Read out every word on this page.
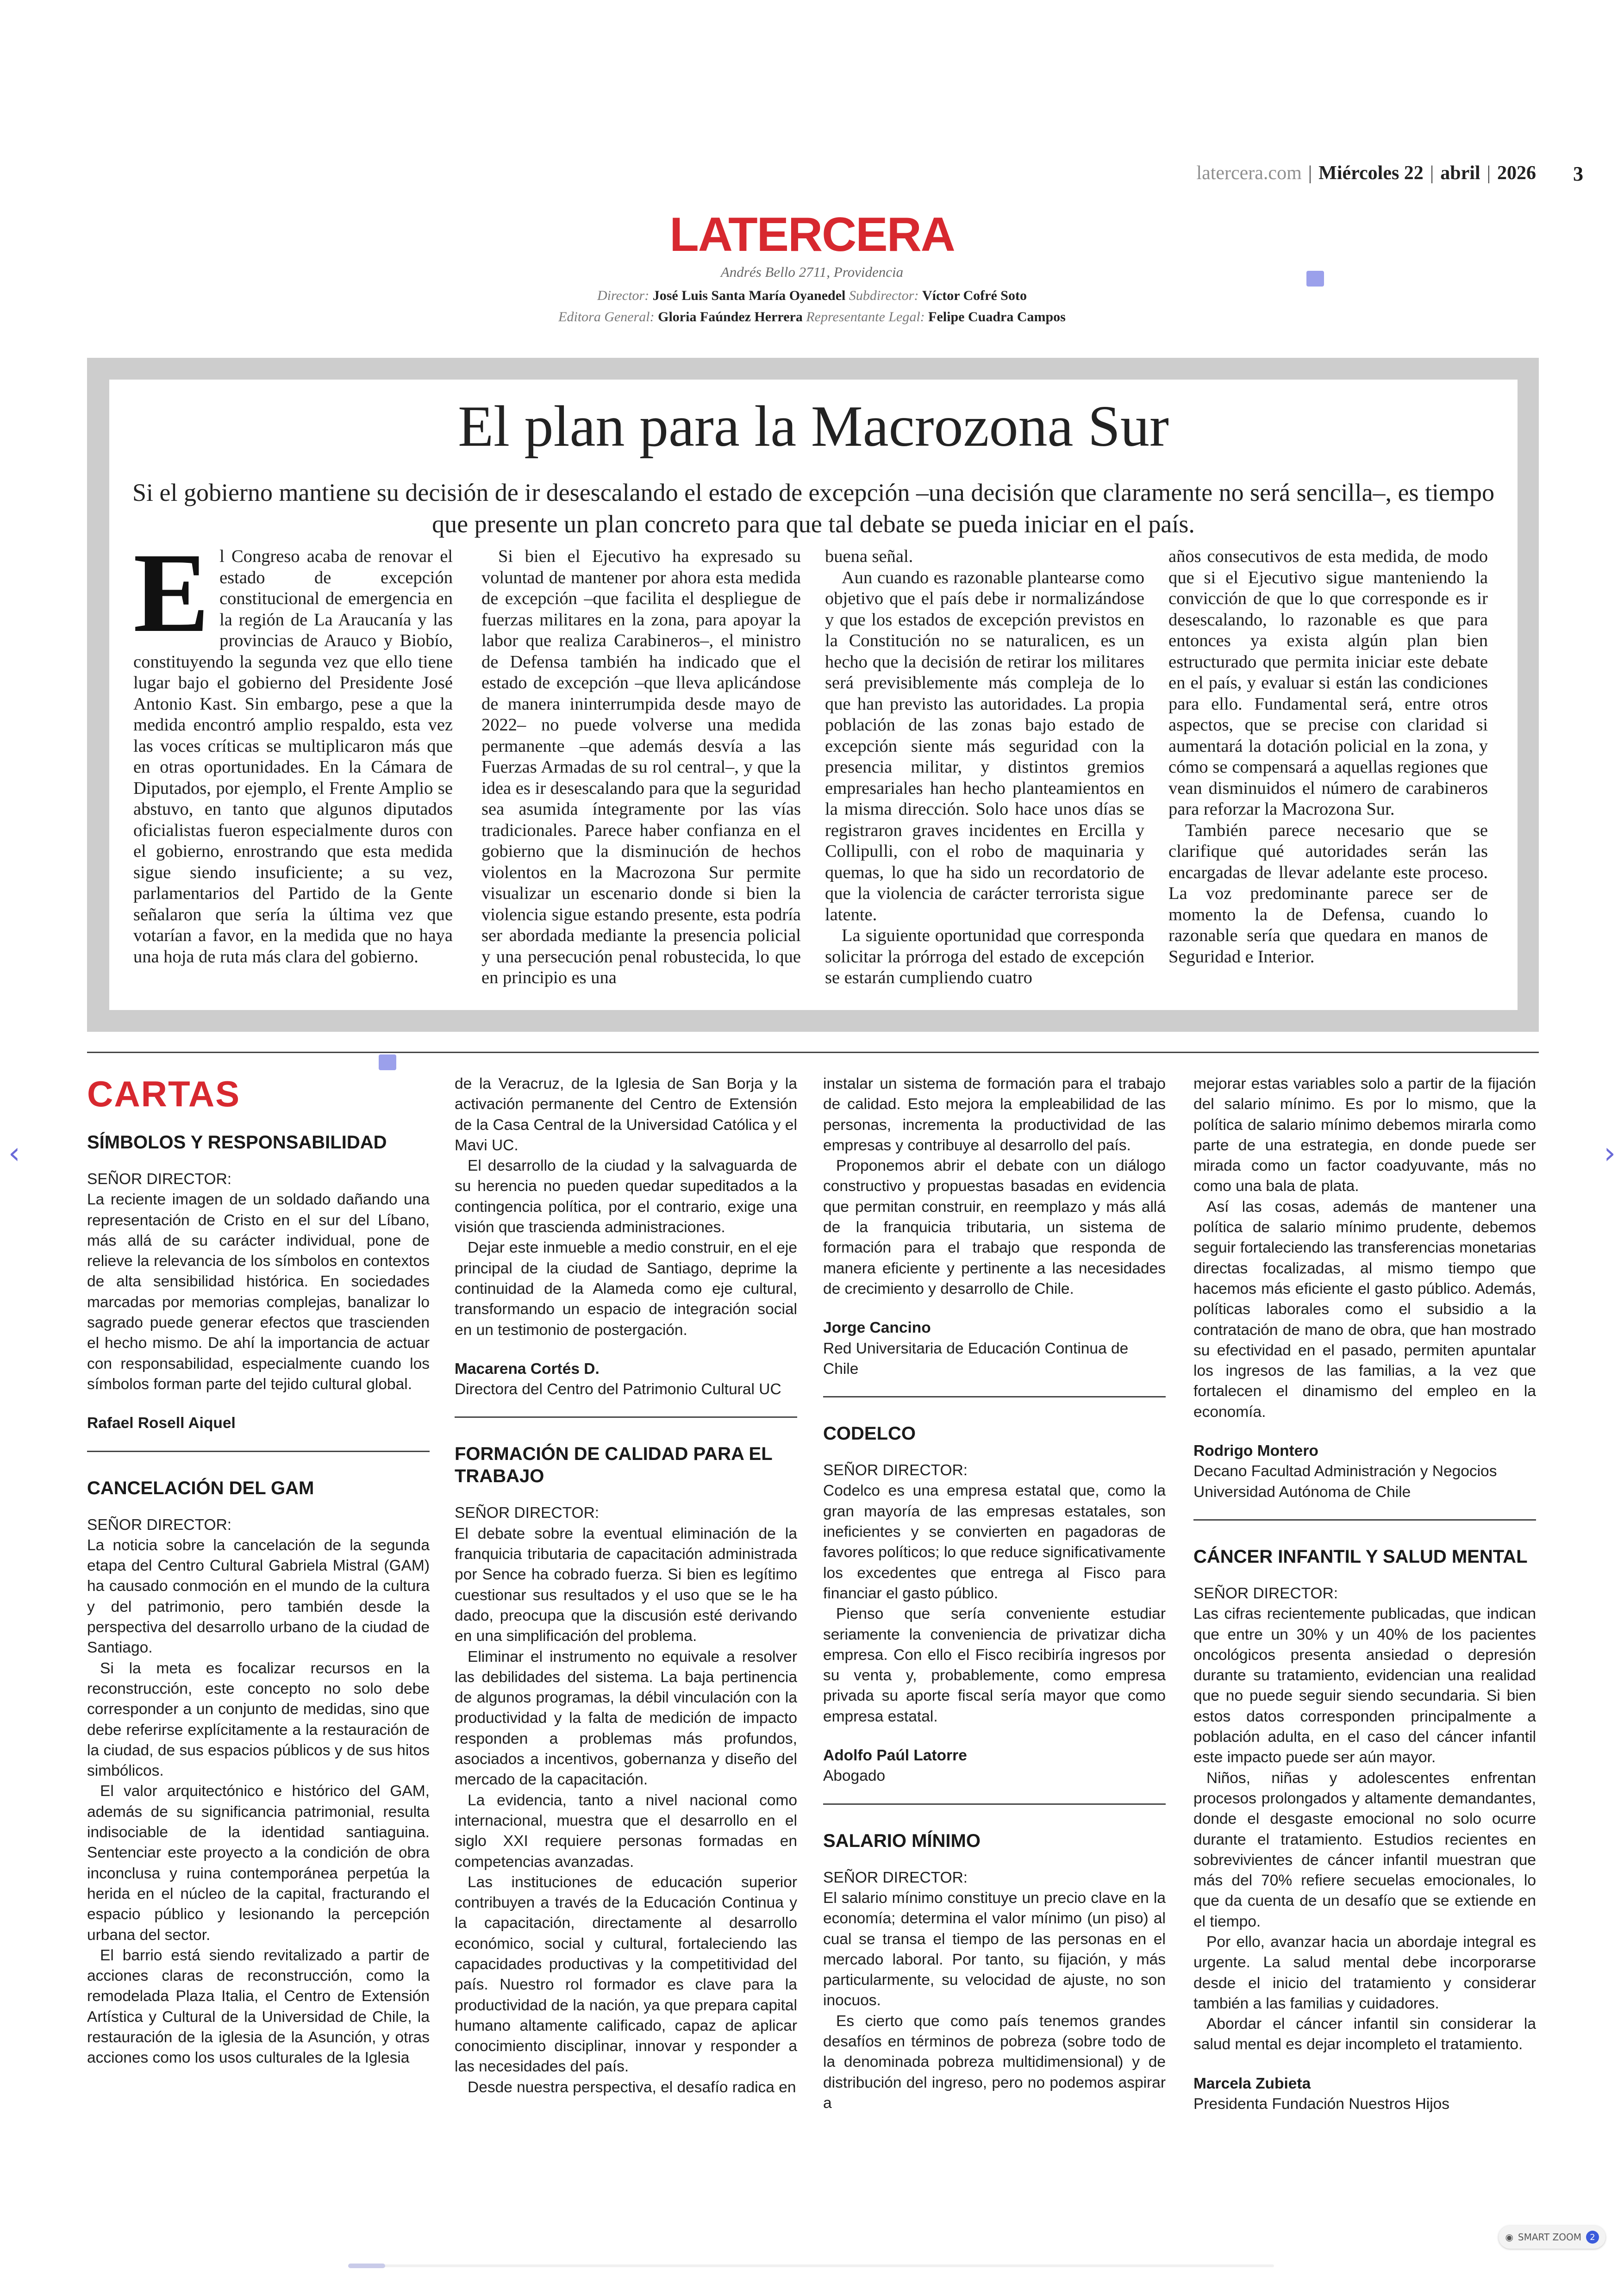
latercera.com | Miércoles 22 | abril | 2026 3
LATERCERA
Andrés Bello 2711, Providencia
Director: José Luis Santa María Oyanedel Subdirector: Víctor Cofré Soto
Editora General: Gloria Faúndez Herrera Representante Legal: Felipe Cuadra Campos
El plan para la Macrozona Sur
Si el gobierno mantiene su decisión de ir desescalando el estado de excepción –una decisión que claramente no será sencilla–, es tiempo que presente un plan concreto para que tal debate se pueda iniciar en el país.
E l Congreso acaba de renovar el estado de excepción constitucional de emergencia en la región de La Araucanía y las provincias de Arauco y Biobío, constituyendo la segunda vez que ello tiene lugar bajo el gobierno del Presidente José Antonio Kast. Sin embargo, pese a que la medida encontró amplio respaldo, esta vez las voces críticas se multiplicaron más que en otras oportunidades. En la Cámara de Diputados, por ejemplo, el Frente Amplio se abstuvo, en tanto que algunos diputados oficialistas fueron especialmente duros con el gobierno, enrostrando que esta medida sigue siendo insuficiente; a su vez, parlamentarios del Partido de la Gente señalaron que sería la última vez que votarían a favor, en la medida que no haya una hoja de ruta más clara del gobierno.

Si bien el Ejecutivo ha expresado su voluntad de mantener por ahora esta medida de excepción –que facilita el despliegue de fuerzas militares en la zona, para apoyar la labor que realiza Carabineros–, el ministro de Defensa también ha indicado que el estado de excepción –que lleva aplicándose de manera ininterrumpida desde mayo de 2022– no puede volverse una medida permanente –que además desvía a las Fuerzas Armadas de su rol central–, y que la idea es ir desescalando para que la seguridad sea asumida íntegramente por las vías tradicionales. Parece haber confianza en el gobierno que la disminución de hechos violentos en la Macrozona Sur permite visualizar un escenario donde si bien la violencia sigue estando presente, esta podría ser abordada mediante la presencia policial y una persecución penal robustecida, lo que en principio es una

buena señal.

Aun cuando es razonable plantearse como objetivo que el país debe ir normalizándose y que los estados de excepción previstos en la Constitución no se naturalicen, es un hecho que la decisión de retirar los militares será previsiblemente más compleja de lo que han previsto las autoridades. La propia población de las zonas bajo estado de excepción siente más seguridad con la presencia militar, y distintos gremios empresariales han hecho planteamientos en la misma dirección. Solo hace unos días se registraron graves incidentes en Ercilla y Collipulli, con el robo de maquinaria y quemas, lo que ha sido un recordatorio de que la violencia de carácter terrorista sigue latente.

La siguiente oportunidad que corresponda solicitar la prórroga del estado de excepción se estarán cumpliendo cuatro

años consecutivos de esta medida, de modo que si el Ejecutivo sigue manteniendo la convicción de que lo que corresponde es ir desescalando, lo razonable es que para entonces ya exista algún plan bien estructurado que permita iniciar este debate en el país, y evaluar si están las condiciones para ello. Fundamental será, entre otros aspectos, que se precise con claridad si aumentará la dotación policial en la zona, y cómo se compensará a aquellas regiones que vean disminuidos el número de carabineros para reforzar la Macrozona Sur.

También parece necesario que se clarifique qué autoridades serán las encargadas de llevar adelante este proceso. La voz predominante parece ser de momento la de Defensa, cuando lo razonable sería que quedara en manos de Seguridad e Interior.

CARTAS

SÍMBOLOS Y RESPONSABILIDAD

SEÑOR DIRECTOR:

La reciente imagen de un soldado dañando una representación de Cristo en el sur del Líbano, más allá de su carácter individual, pone de relieve la relevancia de los símbolos en contextos de alta sensibilidad histórica. En sociedades marcadas por memorias complejas, banalizar lo sagrado puede generar efectos que trascienden el hecho mismo. De ahí la importancia de actuar con responsabilidad, especialmente cuando los símbolos forman parte del tejido cultural global.

Rafael Rosell Aiquel

CANCELACIÓN DEL GAM

SEÑOR DIRECTOR:

La noticia sobre la cancelación de la segunda etapa del Centro Cultural Gabriela Mistral (GAM) ha causado conmoción en el mundo de la cultura y del patrimonio, pero también desde la perspectiva del desarrollo urbano de la ciudad de Santiago.

Si la meta es focalizar recursos en la reconstrucción, este concepto no solo debe corresponder a un conjunto de medidas, sino que debe referirse explícitamente a la restauración de la ciudad, de sus espacios públicos y de sus hitos simbólicos.

El valor arquitectónico e histórico del GAM, además de su significancia patrimonial, resulta indisociable de la identidad santiaguina. Sentenciar este proyecto a la condición de obra inconclusa y ruina contemporánea perpetúa la herida en el núcleo de la capital, fracturando el espacio público y lesionando la percepción urbana del sector.

El barrio está siendo revitalizado a partir de acciones claras de reconstrucción, como la remodelada Plaza Italia, el Centro de Extensión Artística y Cultural de la Universidad de Chile, la restauración de la iglesia de la Asunción, y otras acciones como los usos culturales de la Iglesia

de la Veracruz, de la Iglesia de San Borja y la activación permanente del Centro de Extensión de la Casa Central de la Universidad Católica y el Mavi UC.

El desarrollo de la ciudad y la salvaguarda de su herencia no pueden quedar supeditados a la contingencia política, por el contrario, exige una visión que trascienda administraciones.

Dejar este inmueble a medio construir, en el eje principal de la ciudad de Santiago, deprime la continuidad de la Alameda como eje cultural, transformando un espacio de integración social en un testimonio de postergación.

Macarena Cortés D.

Directora del Centro del Patrimonio Cultural UC

FORMACIÓN DE CALIDAD PARA EL TRABAJO

SEÑOR DIRECTOR:

El debate sobre la eventual eliminación de la franquicia tributaria de capacitación administrada por Sence ha cobrado fuerza. Si bien es legítimo cuestionar sus resultados y el uso que se le ha dado, preocupa que la discusión esté derivando en una simplificación del problema.

Eliminar el instrumento no equivale a resolver las debilidades del sistema. La baja pertinencia de algunos programas, la débil vinculación con la productividad y la falta de medición de impacto responden a problemas más profundos, asociados a incentivos, gobernanza y diseño del mercado de la capacitación.

La evidencia, tanto a nivel nacional como internacional, muestra que el desarrollo en el siglo XXI requiere personas formadas en competencias avanzadas.

Las instituciones de educación superior contribuyen a través de la Educación Continua y la capacitación, directamente al desarrollo económico, social y cultural, fortaleciendo las capacidades productivas y la competitividad del país. Nuestro rol formador es clave para la productividad de la nación, ya que prepara capital humano altamente calificado, capaz de aplicar conocimiento disciplinar, innovar y responder a las necesidades del país.

Desde nuestra perspectiva, el desafío radica en

instalar un sistema de formación para el trabajo de calidad. Esto mejora la empleabilidad de las personas, incrementa la productividad de las empresas y contribuye al desarrollo del país.

Proponemos abrir el debate con un diálogo constructivo y propuestas basadas en evidencia que permitan construir, en reemplazo y más allá de la franquicia tributaria, un sistema de formación para el trabajo que responda de manera eficiente y pertinente a las necesidades de crecimiento y desarrollo de Chile.

Jorge Cancino

Red Universitaria de Educación Continua de Chile

CODELCO

SEÑOR DIRECTOR:

Codelco es una empresa estatal que, como la gran mayoría de las empresas estatales, son ineficientes y se convierten en pagadoras de favores políticos; lo que reduce significativamente los excedentes que entrega al Fisco para financiar el gasto público.

Pienso que sería conveniente estudiar seriamente la conveniencia de privatizar dicha empresa. Con ello el Fisco recibiría ingresos por su venta y, probablemente, como empresa privada su aporte fiscal sería mayor que como empresa estatal.

Adolfo Paúl Latorre

Abogado

SALARIO MÍNIMO

SEÑOR DIRECTOR:

El salario mínimo constituye un precio clave en la economía; determina el valor mínimo (un piso) al cual se transa el tiempo de las personas en el mercado laboral. Por tanto, su fijación, y más particularmente, su velocidad de ajuste, no son inocuos.

Es cierto que como país tenemos grandes desafíos en términos de pobreza (sobre todo de la denominada pobreza multidimensional) y de distribución del ingreso, pero no podemos aspirar a

mejorar estas variables solo a partir de la fijación del salario mínimo. Es por lo mismo, que la política de salario mínimo debemos mirarla como parte de una estrategia, en donde puede ser mirada como un factor coadyuvante, más no como una bala de plata.

Así las cosas, además de mantener una política de salario mínimo prudente, debemos seguir fortaleciendo las transferencias monetarias directas focalizadas, al mismo tiempo que hacemos más eficiente el gasto público. Además, políticas laborales como el subsidio a la contratación de mano de obra, que han mostrado su efectividad en el pasado, permiten apuntalar los ingresos de las familias, a la vez que fortalecen el dinamismo del empleo en la economía.

Rodrigo Montero

Decano Facultad Administración y Negocios Universidad Autónoma de Chile

CÁNCER INFANTIL Y SALUD MENTAL

SEÑOR DIRECTOR:

Las cifras recientemente publicadas, que indican que entre un 30% y un 40% de los pacientes oncológicos presenta ansiedad o depresión durante su tratamiento, evidencian una realidad que no puede seguir siendo secundaria. Si bien estos datos corresponden principalmente a población adulta, en el caso del cáncer infantil este impacto puede ser aún mayor.

Niños, niñas y adolescentes enfrentan procesos prolongados y altamente demandantes, donde el desgaste emocional no solo ocurre durante el tratamiento. Estudios recientes en sobrevivientes de cáncer infantil muestran que más del 70% refiere secuelas emocionales, lo que da cuenta de un desafío que se extiende en el tiempo.

Por ello, avanzar hacia un abordaje integral es urgente. La salud mental debe incorporarse desde el inicio del tratamiento y considerar también a las familias y cuidadores.

Abordar el cáncer infantil sin considerar la salud mental es dejar incompleto el tratamiento.

Marcela Zubieta

Presidenta Fundación Nuestros Hijos

‹	›
◉ SMART ZOOM	2
